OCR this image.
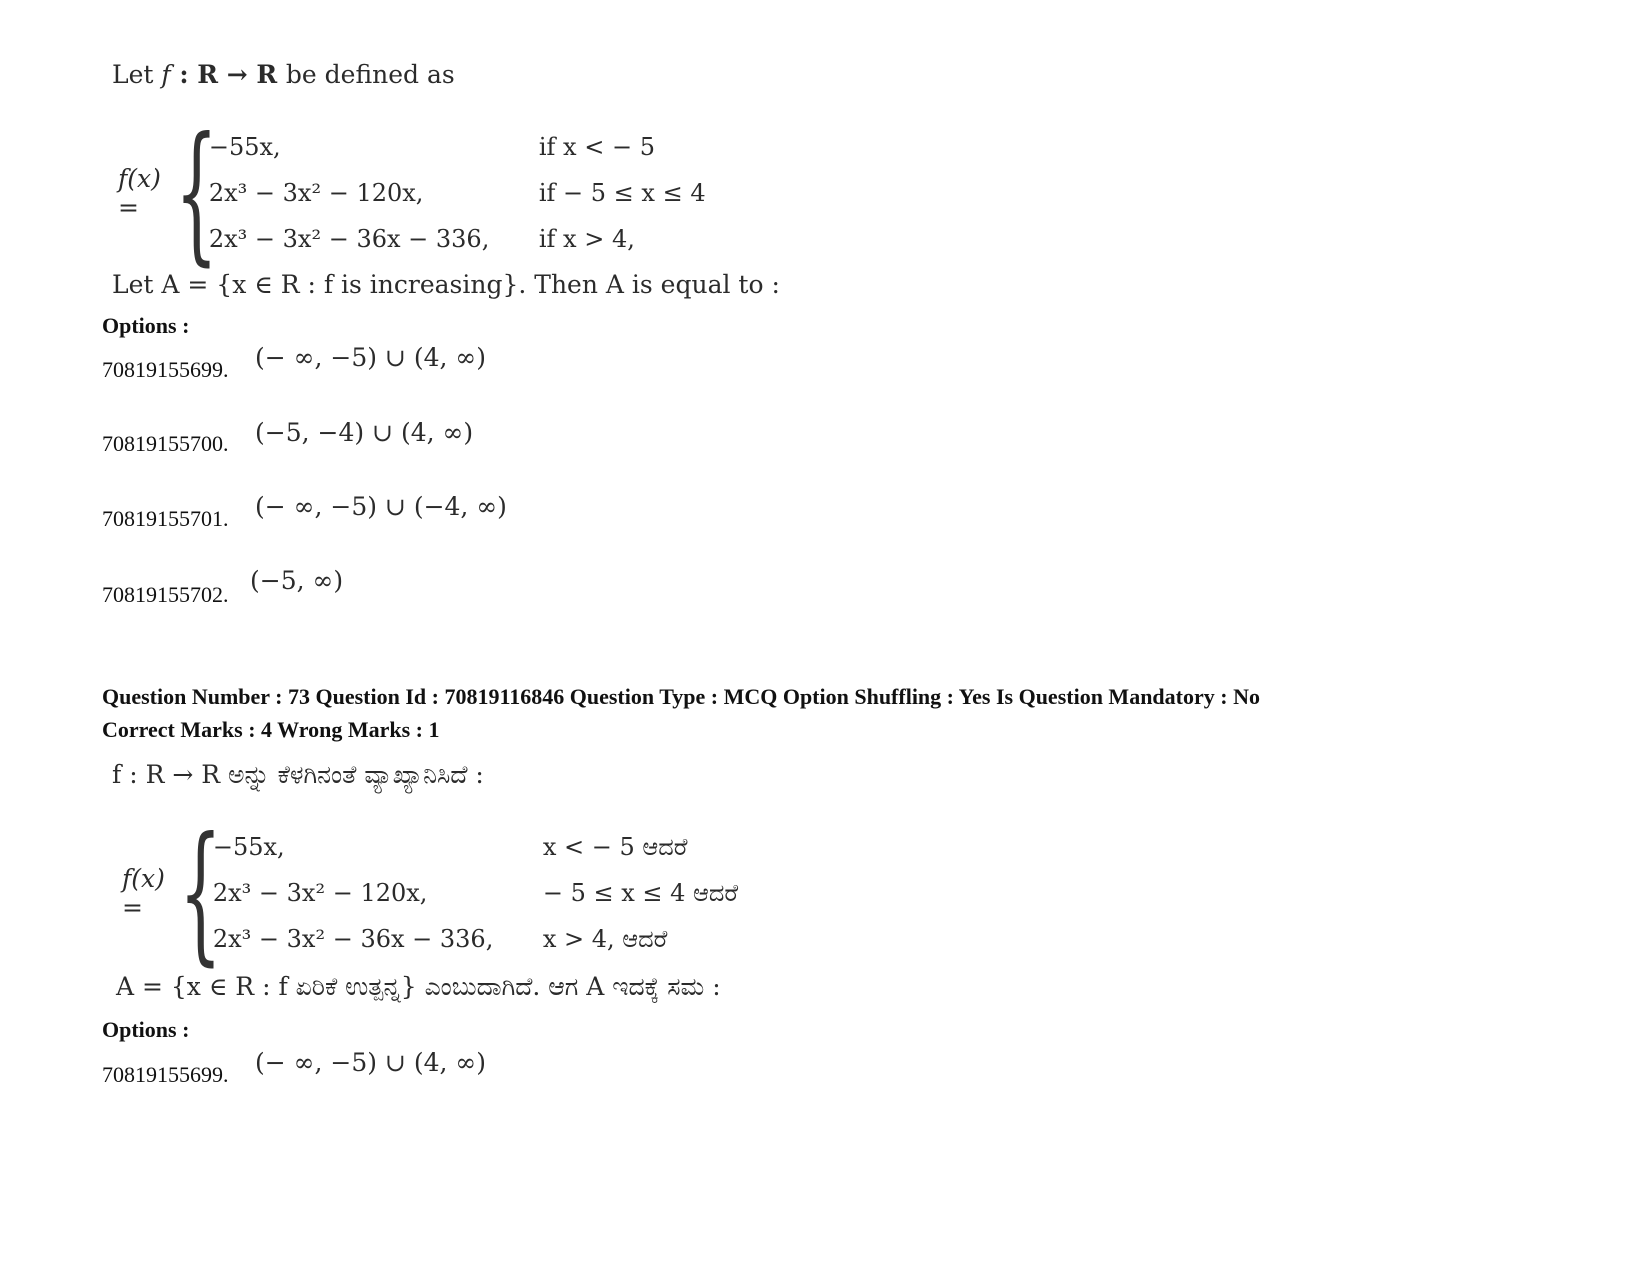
Let f : R → R be defined as
f(x) = {
−55x,	if x < − 5
2x³ − 3x² − 120x,	if − 5 ≤ x ≤ 4
2x³ − 3x² − 36x − 336,	if x > 4,
Let A = {x ∈ R : f is increasing}. Then A is equal to :
Options :
70819155699. (− ∞, −5) ∪ (4, ∞)
70819155700. (−5, −4) ∪ (4, ∞)
70819155701. (− ∞, −5) ∪ (−4, ∞)
70819155702. (−5, ∞)
Question Number : 73 Question Id : 70819116846 Question Type : MCQ Option Shuffling : Yes Is Question Mandatory : No
Correct Marks : 4 Wrong Marks : 1
f : R → R ಅನ್ನು ಕೆಳಗಿನಂತೆ ವ್ಯಾಖ್ಯಾನಿಸಿದೆ :
f(x) = {
−55x,	x < − 5 ಆದರೆ
2x³ − 3x² − 120x,	− 5 ≤ x ≤ 4 ಆದರೆ
2x³ − 3x² − 36x − 336,	x > 4, ಆದರೆ
A = {x ∈ R : f ಏರಿಕೆ ಉತ್ಪನ್ನ} ಎಂಬುದಾಗಿದೆ. ಆಗ A ಇದಕ್ಕೆ ಸಮ :
Options :
70819155699. (− ∞, −5) ∪ (4, ∞)
